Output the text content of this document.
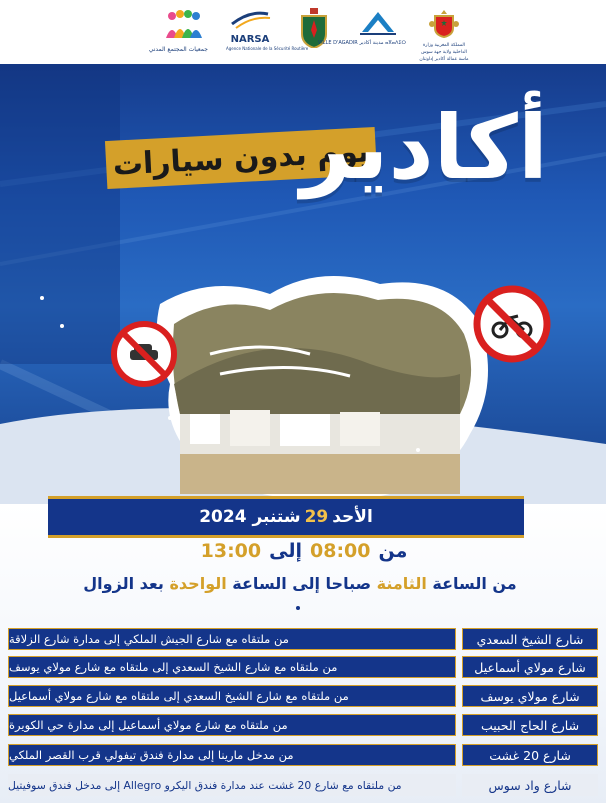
جمعيات المجتمع المدني
NARSA
Agence Nationale de la Sécurité Routière
ⴰⴳⴰⴷⵉⵔ مدينة أكادير VILLE D'AGADIR	المملكة المغربية وزارة الداخلية ولاية جهة سوس ماسة عمالة أكادير إداوتنان
يوم بدون سيارات
أكادير
الأحد
29
شتنبر 2024
من
08:00
إلى
13:00
من الساعة الثامنة صباحا إلى الساعة الواحدة بعد الزوال
من ملتقاه مع شارع الجيش الملكي إلى مدارة شارع الزلاقة	شارع الشيخ السعدي
من ملتقاه مع شارع الشيخ السعدي إلى ملتقاه مع شارع مولاي يوسف	شارع مولاي أسماعيل
من ملتقاه مع شارع الشيخ السعدي إلى ملتقاه مع شارع مولاي أسماعيل	شارع مولاي يوسف
من ملتقاه مع شارع مولاي أسماعيل إلى مدارة حي الكويرة	شارع الحاج الحبيب
من مدخل مارينا إلى مدارة فندق تيفولي قرب القصر الملكي	شارع 20 غشت
من ملتقاه مع شارع 20 غشت عند مدارة فندق اليكرو Allegro إلى مدخل فندق سوفيتيل	شارع واد سوس
